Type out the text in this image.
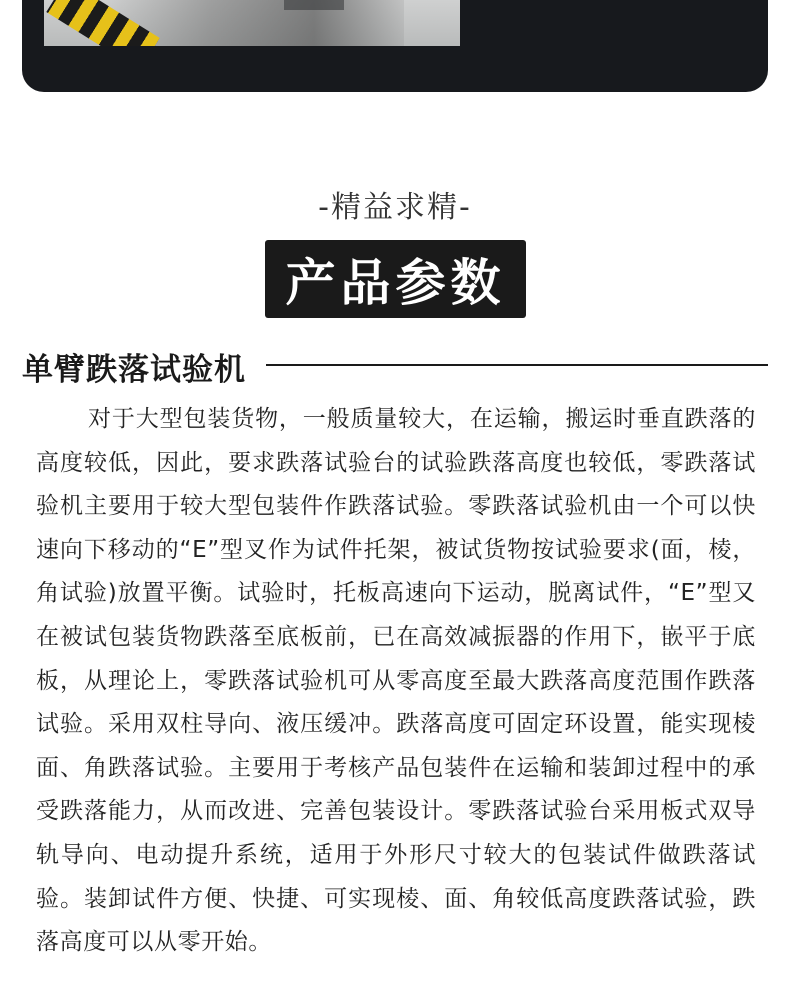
-精益求精-
产品参数
单臂跌落试验机
对于大型包装货物，一般质量较大，在运输，搬运时垂直跌落的高度较低，因此，要求跌落试验台的试验跌落高度也较低，零跌落试验机主要用于较大型包装件作跌落试验。零跌落试验机由一个可以快速向下移动的“E”型叉作为试件托架，被试货物按试验要求(面，棱，角试验)放置平衡。试验时，托板高速向下运动，脱离试件，“E”型又在被试包装货物跌落至底板前，已在高效减振器的作用下，嵌平于底板，从理论上，零跌落试验机可从零高度至最大跌落高度范围作跌落试验。采用双柱导向、液压缓冲。跌落高度可固定环设置，能实现棱面、角跌落试验。主要用于考核产品包装件在运输和装卸过程中的承受跌落能力，从而改进、完善包装设计。零跌落试验台采用板式双导轨导向、电动提升系统，适用于外形尺寸较大的包装试件做跌落试验。装卸试件方便、快捷、可实现棱、面、角较低高度跌落试验，跌落高度可以从零开始。
